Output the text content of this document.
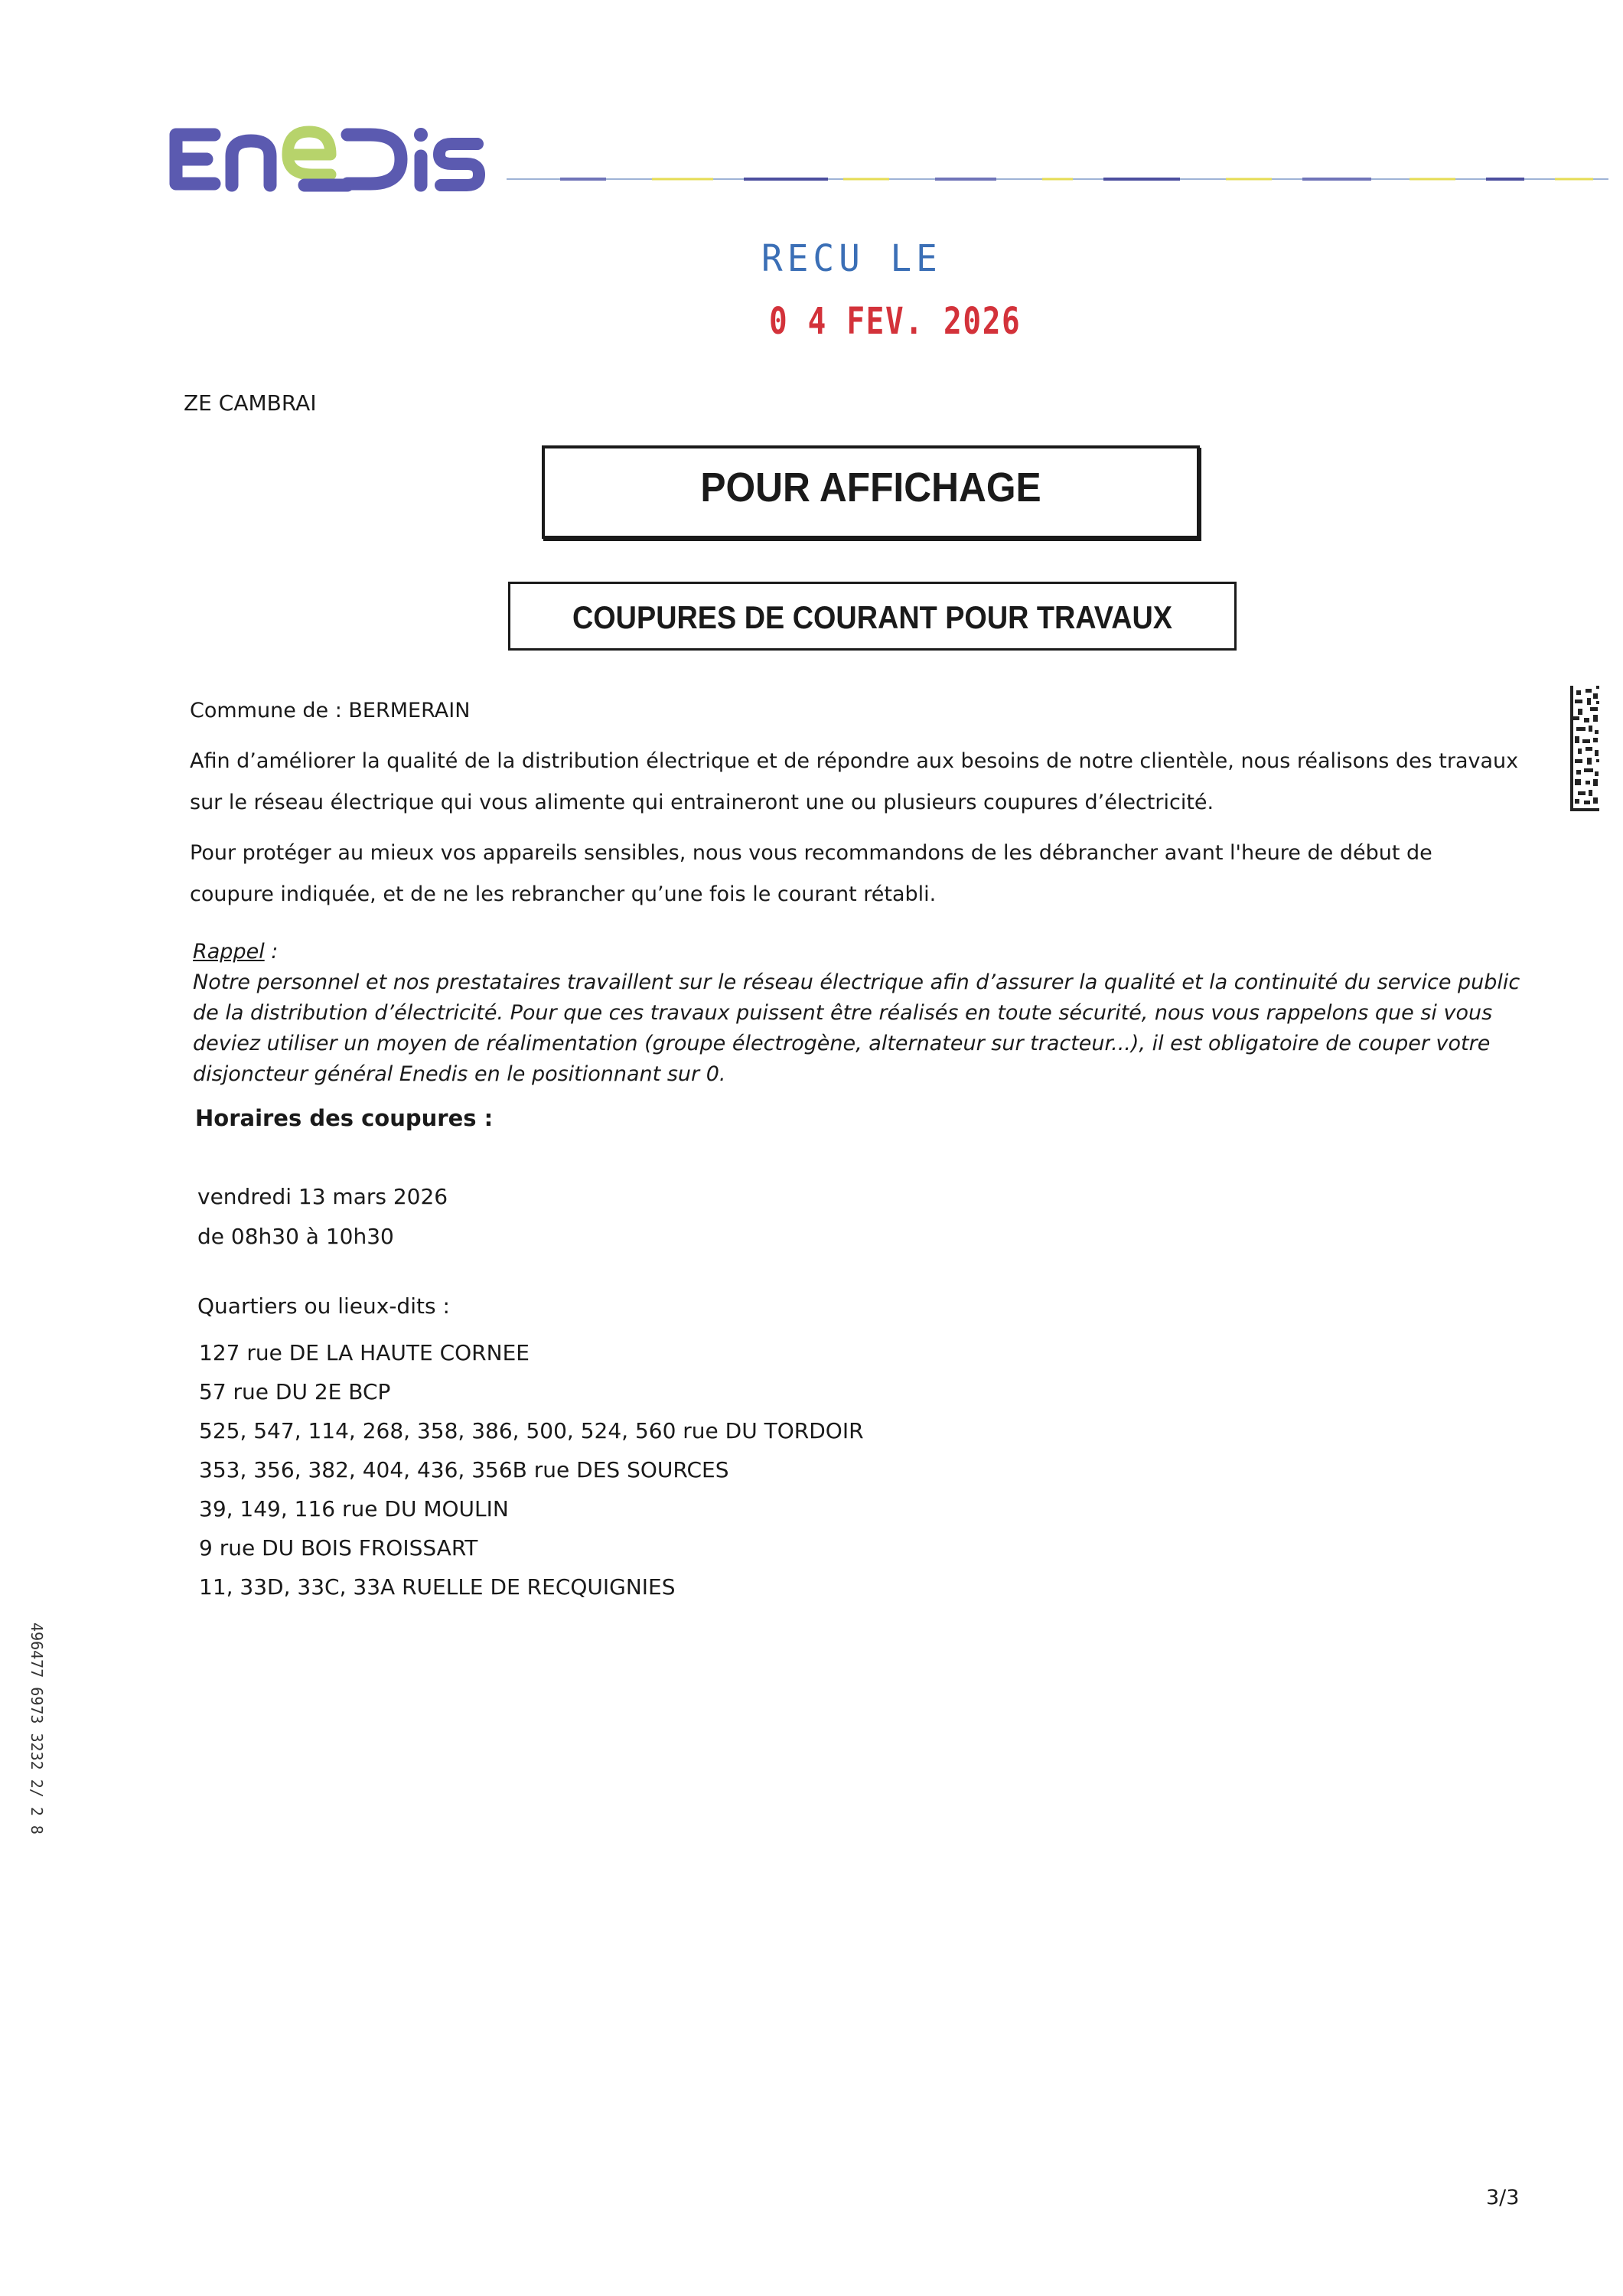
RECU LE
0 4 FEV. 2026
ZE CAMBRAI
POUR AFFICHAGE
COUPURES DE COURANT POUR TRAVAUX
Commune de : BERMERAIN
Afin d’améliorer la qualité de la distribution électrique et de répondre aux besoins de notre clientèle, nous réalisons des travaux sur le réseau électrique qui vous alimente qui entraineront une ou plusieurs coupures d’électricité.
Pour protéger au mieux vos appareils sensibles, nous vous recommandons de les débrancher avant l'heure de début de coupure indiquée, et de ne les rebrancher qu’une fois le courant rétabli.
Rappel :
Notre personnel et nos prestataires travaillent sur le réseau électrique afin d’assurer la qualité et la continuité du service public de la distribution d’électricité. Pour que ces travaux puissent être réalisés en toute sécurité, nous vous rappelons que si vous deviez utiliser un moyen de réalimentation (groupe électrogène, alternateur sur tracteur...), il est obligatoire de couper votre disjoncteur général Enedis en le positionnant sur 0.
Horaires des coupures :
vendredi 13 mars 2026
de 08h30 à 10h30
Quartiers ou lieux-dits :
127 rue DE LA HAUTE CORNEE
57 rue DU 2E BCP
525, 547, 114, 268, 358, 386, 500, 524, 560 rue DU TORDOIR
353, 356, 382, 404, 436, 356B rue DES SOURCES
39, 149, 116 rue DU MOULIN
9 rue DU BOIS FROISSART
11, 33D, 33C, 33A RUELLE DE RECQUIGNIES
496477 6973 3232 2/ 2 8
3/3
